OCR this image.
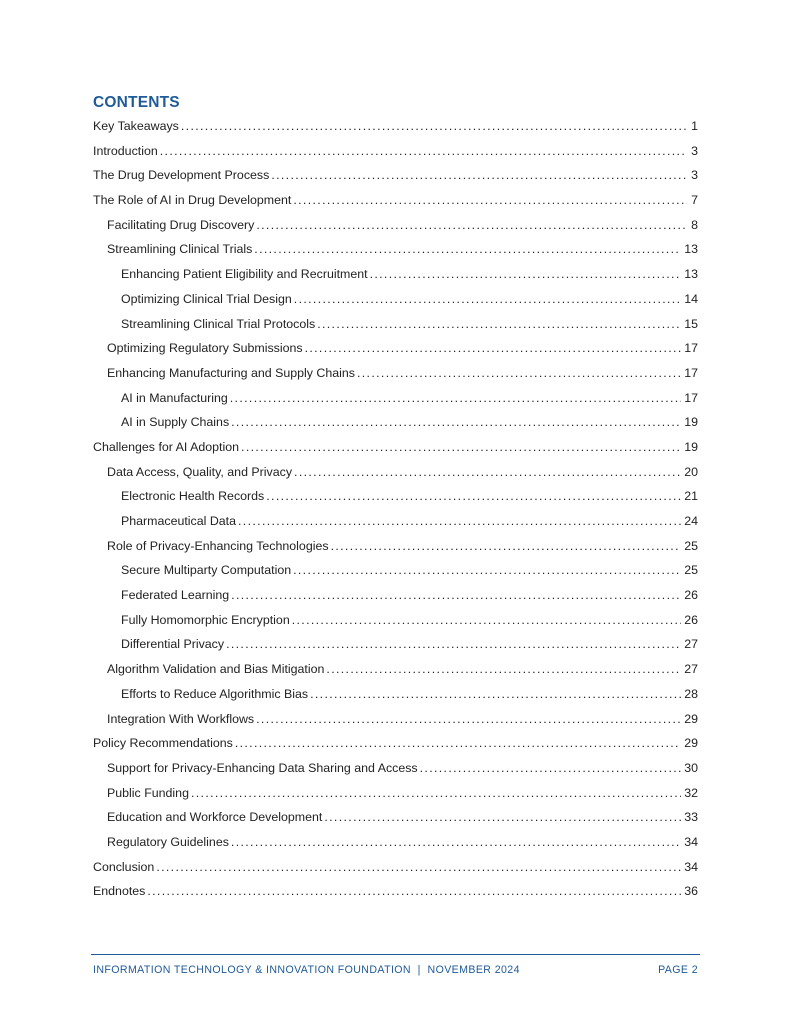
CONTENTS
Key Takeaways . . .	1
Introduction . . .	3
The Drug Development Process . . .	3
The Role of AI in Drug Development . . .	7
Facilitating Drug Discovery . . .	8
Streamlining Clinical Trials . . .	13
Enhancing Patient Eligibility and Recruitment . . .	13
Optimizing Clinical Trial Design . . .	14
Streamlining Clinical Trial Protocols . . .	15
Optimizing Regulatory Submissions . . .	17
Enhancing Manufacturing and Supply Chains . . .	17
AI in Manufacturing . . .	17
AI in Supply Chains . . .	19
Challenges for AI Adoption . . .	19
Data Access, Quality, and Privacy . . .	20
Electronic Health Records . . .	21
Pharmaceutical Data . . .	24
Role of Privacy-Enhancing Technologies . . .	25
Secure Multiparty Computation . . .	25
Federated Learning . . .	26
Fully Homomorphic Encryption . . .	26
Differential Privacy . . .	27
Algorithm Validation and Bias Mitigation . . .	27
Efforts to Reduce Algorithmic Bias . . .	28
Integration With Workflows . . .	29
Policy Recommendations . . .	29
Support for Privacy-Enhancing Data Sharing and Access . . .	30
Public Funding . . .	32
Education and Workforce Development . . .	33
Regulatory Guidelines . . .	34
Conclusion . . .	34
Endnotes . . .	36
INFORMATION TECHNOLOGY & INNOVATION FOUNDATION | NOVEMBER 2024	PAGE 2
